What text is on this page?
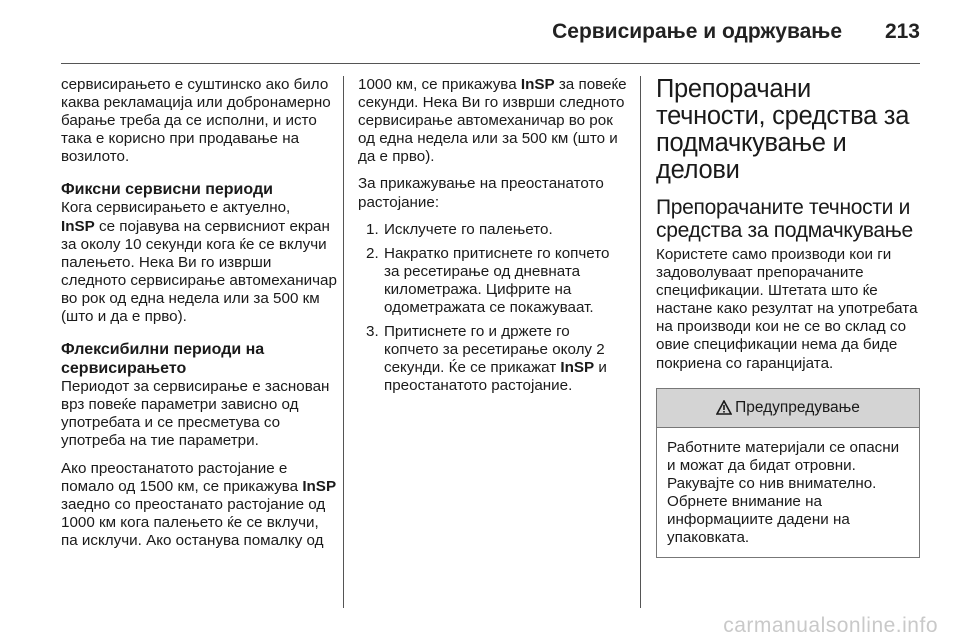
Сервисирање и одржување 213

сервисирањето е суштинско ако било каква рекламација или добронамерно барање треба да се исполни, и исто така е корисно при продавање на возилото.

Фиксни сервисни периоди

Кога сервисирањето е актуелно,
InSP се појавува на сервисниот екран за околу 10 секунди кога ќе се вклучи палењето. Нека Ви го изврши следното сервисирање автомеханичар во рок од една недела или за 500 км (што и да е прво).

Флексибилни периоди на сервисирањето

Периодот за сервисирање е заснован врз повеќе параметри зависно од употребата и се пресметува со употреба на тие параметри.

Ако преостанатото растојание е помало од 1500 км, се прикажува InSP заедно со преостанато растојание од 1000 км кога палењето ќе се вклучи, па исклучи. Ако останува помалку од

1000 км, се прикажува InSP за повеќе секунди. Нека Ви го изврши следното сервисирање автомеханичар во рок од една недела или за 500 км (што и да е прво).

За прикажување на преостанатото растојание:

1. Исклучете го палењето.
2. Накратко притиснете го копчето за ресетирање од дневната километража. Цифрите на одометражата се покажуваат.
3. Притиснете го и држете го копчето за ресетирање околу 2 секунди. Ќе се прикажат InSP и преостанатото растојание.
Препорачани течности, средства за подмачкување и делови
Препорачаните течности и средства за подмачкување

Користете само производи кои ги задоволуваат препорачаните спецификации. Штетата што ќе настане како резултат на употребата на производи кои не се во склад со овие спецификации нема да биде покриена со гаранцијата.

Предупредување
Работните материјали се опасни и можат да бидат отровни. Ракувајте со нив внимателно. Обрнете внимание на информациите дадени на упаковката.
carmanualsonline.info
